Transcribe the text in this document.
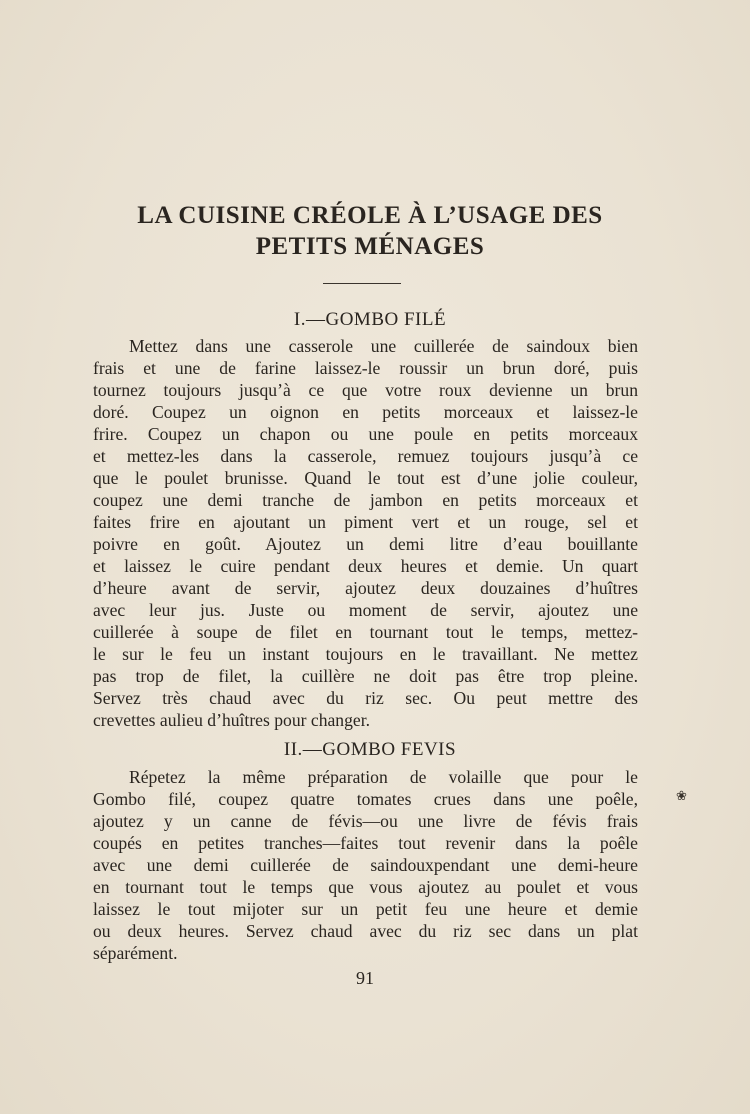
LA CUISINE CRÉOLE À L’USAGE DES
PETITS MÉNAGES
I.—GOMBO FILÉ
Mettez dans une casserole une cuillerée de saindoux bien
frais et une de farine laissez-le roussir un brun doré, puis
tournez toujours jusqu’à ce que votre roux devienne un brun
doré. Coupez un oignon en petits morceaux et laissez-le
frire. Coupez un chapon ou une poule en petits morceaux
et mettez-les dans la casserole, remuez toujours jusqu’à ce
que le poulet brunisse. Quand le tout est d’une jolie couleur,
coupez une demi tranche de jambon en petits morceaux et
faites frire en ajoutant un piment vert et un rouge, sel et
poivre en goût. Ajoutez un demi litre d’eau bouillante
et laissez le cuire pendant deux heures et demie. Un quart
d’heure avant de servir, ajoutez deux douzaines d’huîtres
avec leur jus. Juste ou moment de servir, ajoutez une
cuillerée à soupe de filet en tournant tout le temps, mettez-
le sur le feu un instant toujours en le travaillant. Ne mettez
pas trop de filet, la cuillère ne doit pas être trop pleine.
Servez très chaud avec du riz sec. Ou peut mettre des
crevettes aulieu d’huîtres pour changer.
II.—GOMBO FEVIS
Répetez la même préparation de volaille que pour le
Gombo filé, coupez quatre tomates crues dans une poêle,
ajoutez y un canne de févis—ou une livre de févis frais
coupés en petites tranches—faites tout revenir dans la poêle
avec une demi cuillerée de saindouxpendant une demi-heure
en tournant tout le temps que vous ajoutez au poulet et vous
laissez le tout mijoter sur un petit feu une heure et demie
ou deux heures. Servez chaud avec du riz sec dans un plat
séparément.
❀
91
